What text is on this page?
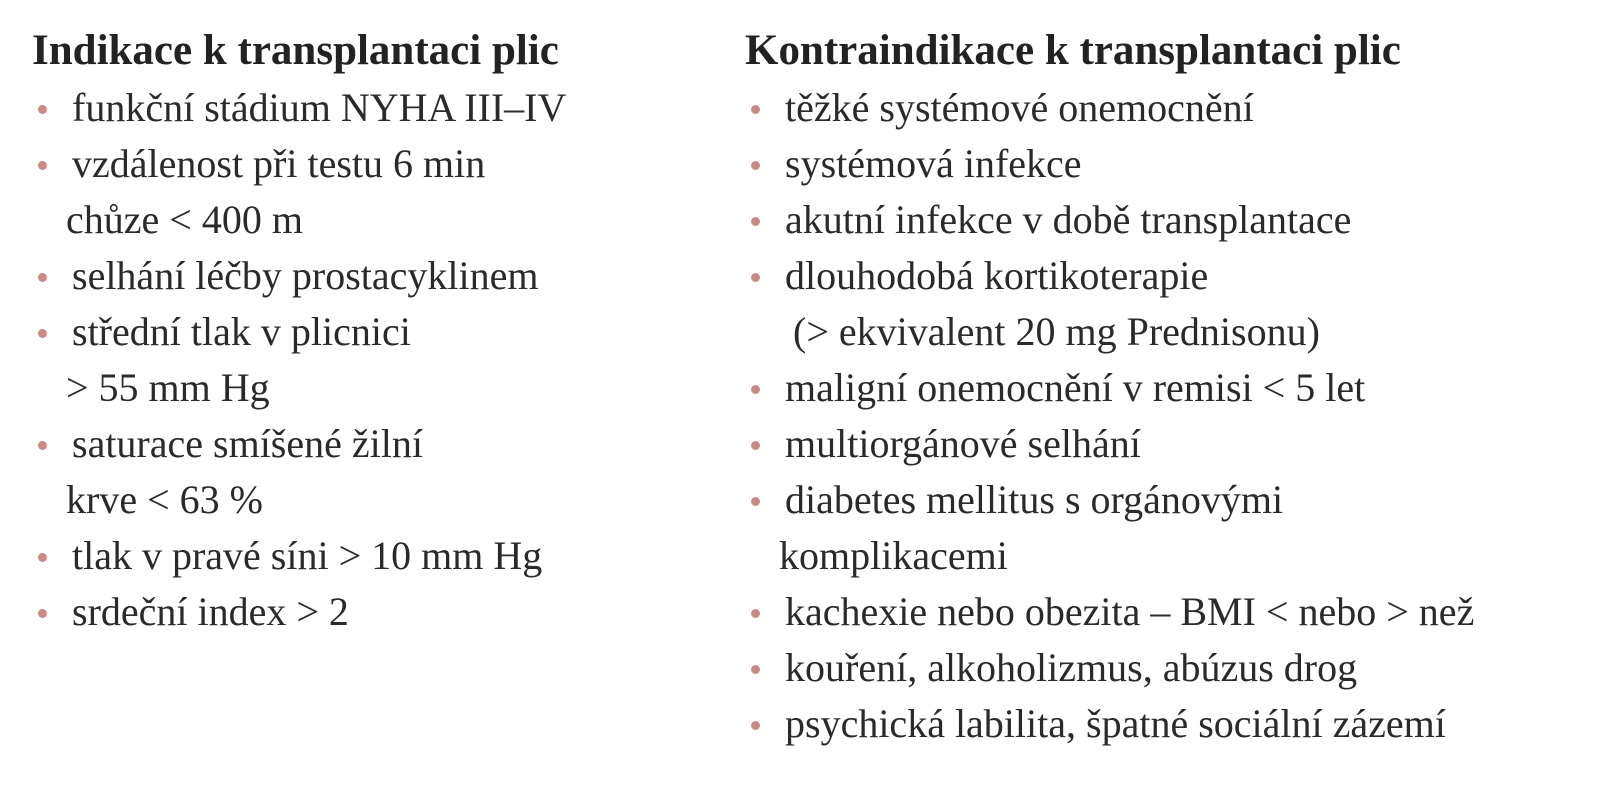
Indikace k transplantaci plic
funkční stádium NYHA III–IV
vzdálenost při testu 6 min
chůze < 400 m
selhání léčby prostacyklinem
střední tlak v plicnici
> 55 mm Hg
saturace smíšené žilní
krve < 63 %
tlak v pravé síni > 10 mm Hg
srdeční index > 2
Kontraindikace k transplantaci plic
těžké systémové onemocnění
systémová infekce
akutní infekce v době transplantace
dlouhodobá kortikoterapie
(> ekvivalent 20 mg Prednisonu)
maligní onemocnění v remisi < 5 let
multiorgánové selhání
diabetes mellitus s orgánovými
komplikacemi
kachexie nebo obezita – BMI < nebo > než
kouření, alkoholizmus, abúzus drog
psychická labilita, špatné sociální zázemí
